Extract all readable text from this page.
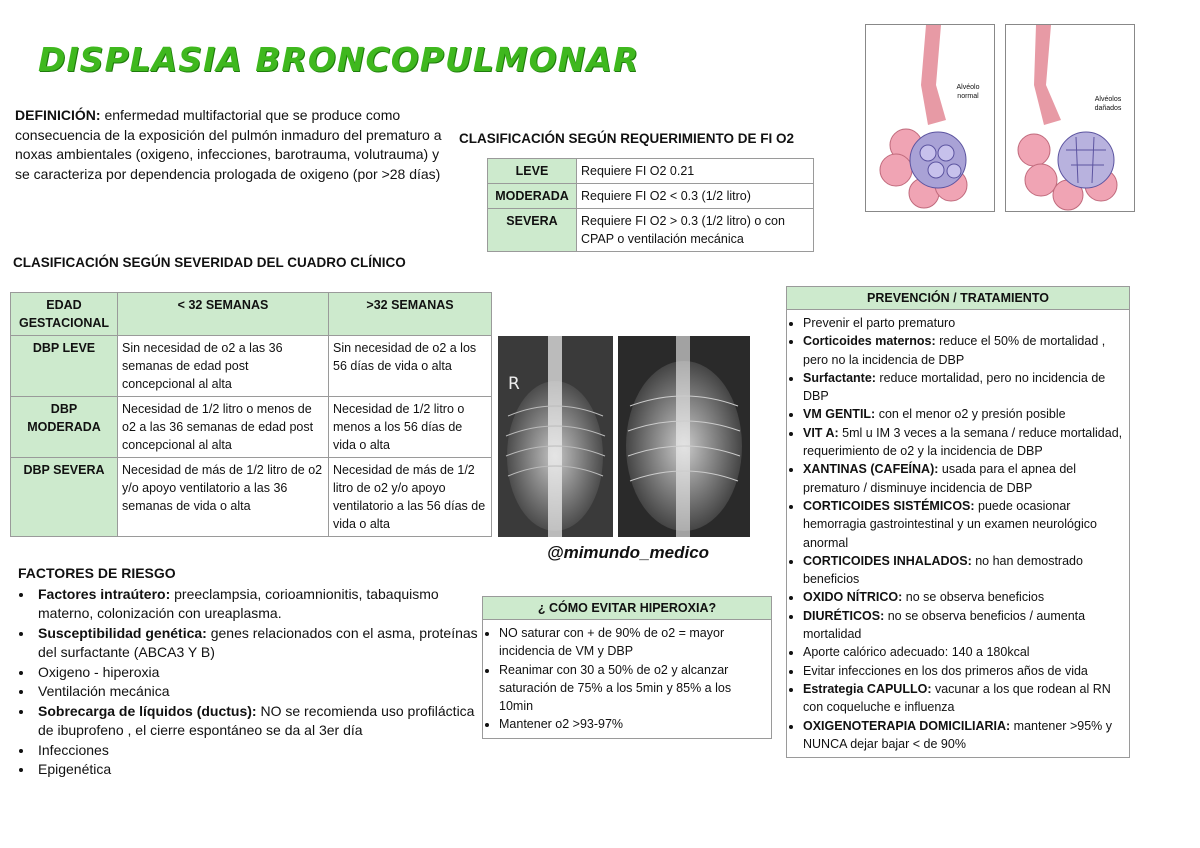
DISPLASIA BRONCOPULMONAR
DEFINICIÓN: enfermedad multifactorial que se produce como consecuencia de la exposición del pulmón inmaduro del prematuro a noxas ambientales (oxigeno, infecciones, barotrauma, volutrauma) y se caracteriza por dependencia prologada de oxigeno (por >28 días)
CLASIFICACIÓN SEGÚN REQUERIMIENTO DE FI O2
LEVE	Requiere FI O2 0.21
MODERADA	Requiere FI O2 < 0.3 (1/2 litro)
SEVERA	Requiere FI O2 > 0.3 (1/2 litro) o con CPAP o ventilación mecánica
Alvéolo normal	Alvéolos dañados
CLASIFICACIÓN SEGÚN SEVERIDAD DEL CUADRO CLÍNICO
EDAD GESTACIONAL	< 32 SEMANAS	>32 SEMANAS
DBP LEVE	Sin necesidad de o2 a las 36 semanas de edad post concepcional al alta	Sin necesidad de o2 a los 56 días de vida o alta
DBP MODERADA	Necesidad de 1/2 litro o menos de o2 a las 36 semanas de edad post concepcional al alta	Necesidad de 1/2 litro o menos a los 56 días de vida o alta
DBP SEVERA	Necesidad de más de 1/2 litro de o2 y/o apoyo ventilatorio a las 36 semanas de vida o alta	Necesidad de más de 1/2 litro de o2 y/o apoyo ventilatorio a las 56 días de vida o alta
R
@mimundo_medico
FACTORES DE RIESGO
• Factores intraútero: preeclampsia, corioamnionitis, tabaquismo materno, colonización con ureaplasma.
• Susceptibilidad genética: genes relacionados con el asma, proteínas del surfactante (ABCA3 Y B)
• Oxigeno - hiperoxia
• Ventilación mecánica
• Sobrecarga de líquidos (ductus): NO se recomienda uso profiláctica de ibuprofeno , el cierre espontáneo se da al 3er día
• Infecciones
• Epigenética
¿ CÓMO EVITAR HIPEROXIA?
• NO saturar con + de 90% de o2 = mayor incidencia de VM y DBP
• Reanimar con 30 a 50% de o2 y alcanzar saturación de 75% a los 5min y 85% a los 10min
• Mantener o2 >93-97%
PREVENCIÓN / TRATAMIENTO
• Prevenir el parto prematuro
• Corticoides maternos: reduce el 50% de mortalidad , pero no la incidencia de DBP
• Surfactante: reduce mortalidad, pero no incidencia de DBP
• VM GENTIL: con el menor o2 y presión posible
• VIT A: 5ml u IM 3 veces a la semana / reduce mortalidad, requerimiento de o2 y la incidencia de DBP
• XANTINAS (CAFEÍNA): usada para el apnea del prematuro / disminuye incidencia de DBP
• CORTICOIDES SISTÉMICOS: puede ocasionar hemorragia gastrointestinal y un examen neurológico anormal
• CORTICOIDES INHALADOS: no han demostrado beneficios
• OXIDO NÍTRICO: no se observa beneficios
• DIURÉTICOS: no se observa beneficios / aumenta mortalidad
• Aporte calórico adecuado: 140 a 180kcal
• Evitar infecciones en los dos primeros años de vida
• Estrategia CAPULLO: vacunar a los que rodean al RN con coqueluche e influenza
• OXIGENOTERAPIA DOMICILIARIA: mantener >95% y NUNCA dejar bajar < de 90%
